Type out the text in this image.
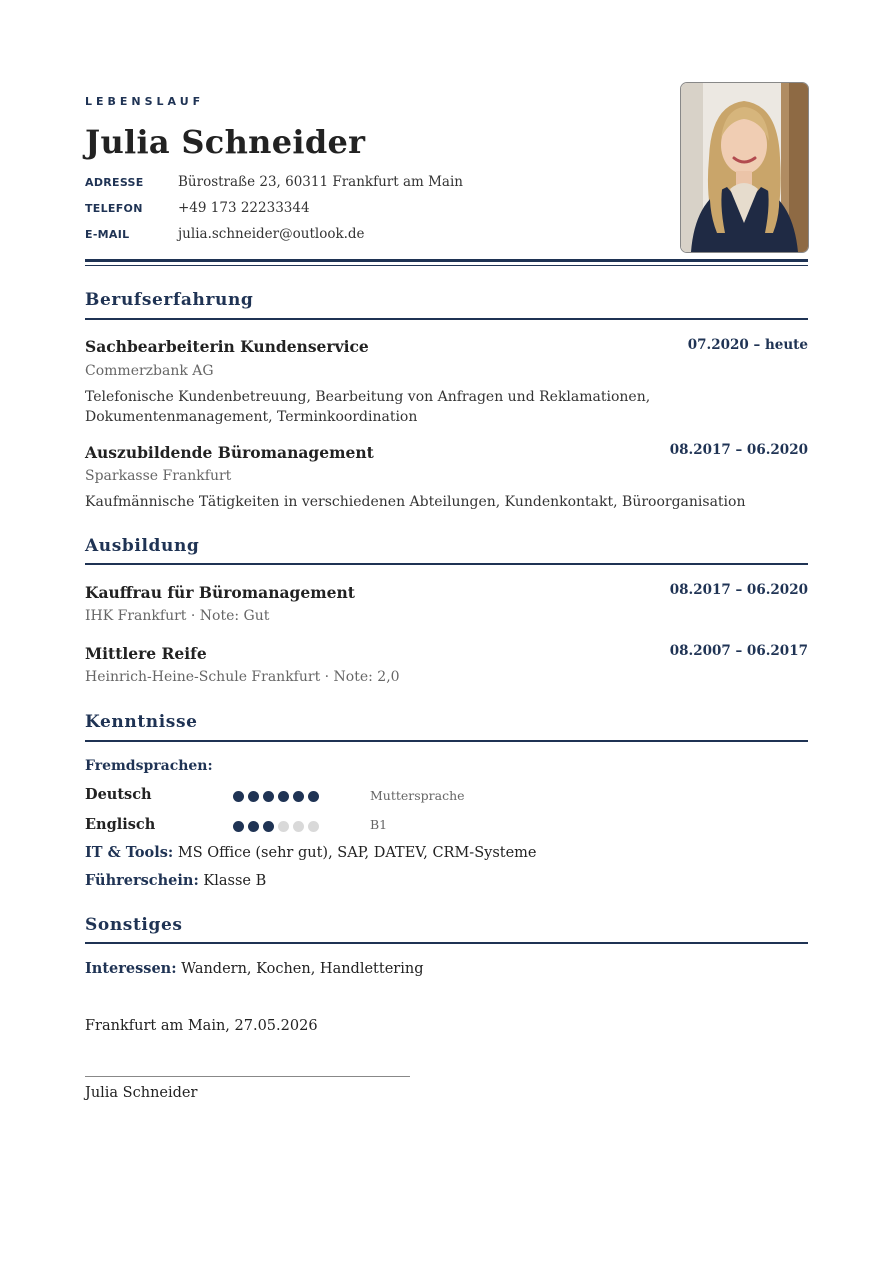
LEBENSLAUF
Julia Schneider
ADRESSE	Bürostraße 23, 60311 Frankfurt am Main
TELEFON	+49 173 22233344
E-MAIL	julia.schneider@outlook.de
Berufserfahrung
Sachbearbeiterin Kundenservice	07.2020 – heute
Commerzbank AG
Telefonische Kundenbetreuung, Bearbeitung von Anfragen und Reklamationen, Dokumentenmanagement, Terminkoordination
Auszubildende Büromanagement	08.2017 – 06.2020
Sparkasse Frankfurt
Kaufmännische Tätigkeiten in verschiedenen Abteilungen, Kundenkontakt, Büroorganisation
Ausbildung
Kauffrau für Büromanagement	08.2017 – 06.2020
IHK Frankfurt · Note: Gut
Mittlere Reife	08.2007 – 06.2017
Heinrich-Heine-Schule Frankfurt · Note: 2,0
Kenntnisse
Fremdsprachen:
Deutsch	Muttersprache
Englisch	B1
IT & Tools: MS Office (sehr gut), SAP, DATEV, CRM-Systeme
Führerschein: Klasse B
Sonstiges
Interessen: Wandern, Kochen, Handlettering
Frankfurt am Main, 27.05.2026
Julia Schneider
